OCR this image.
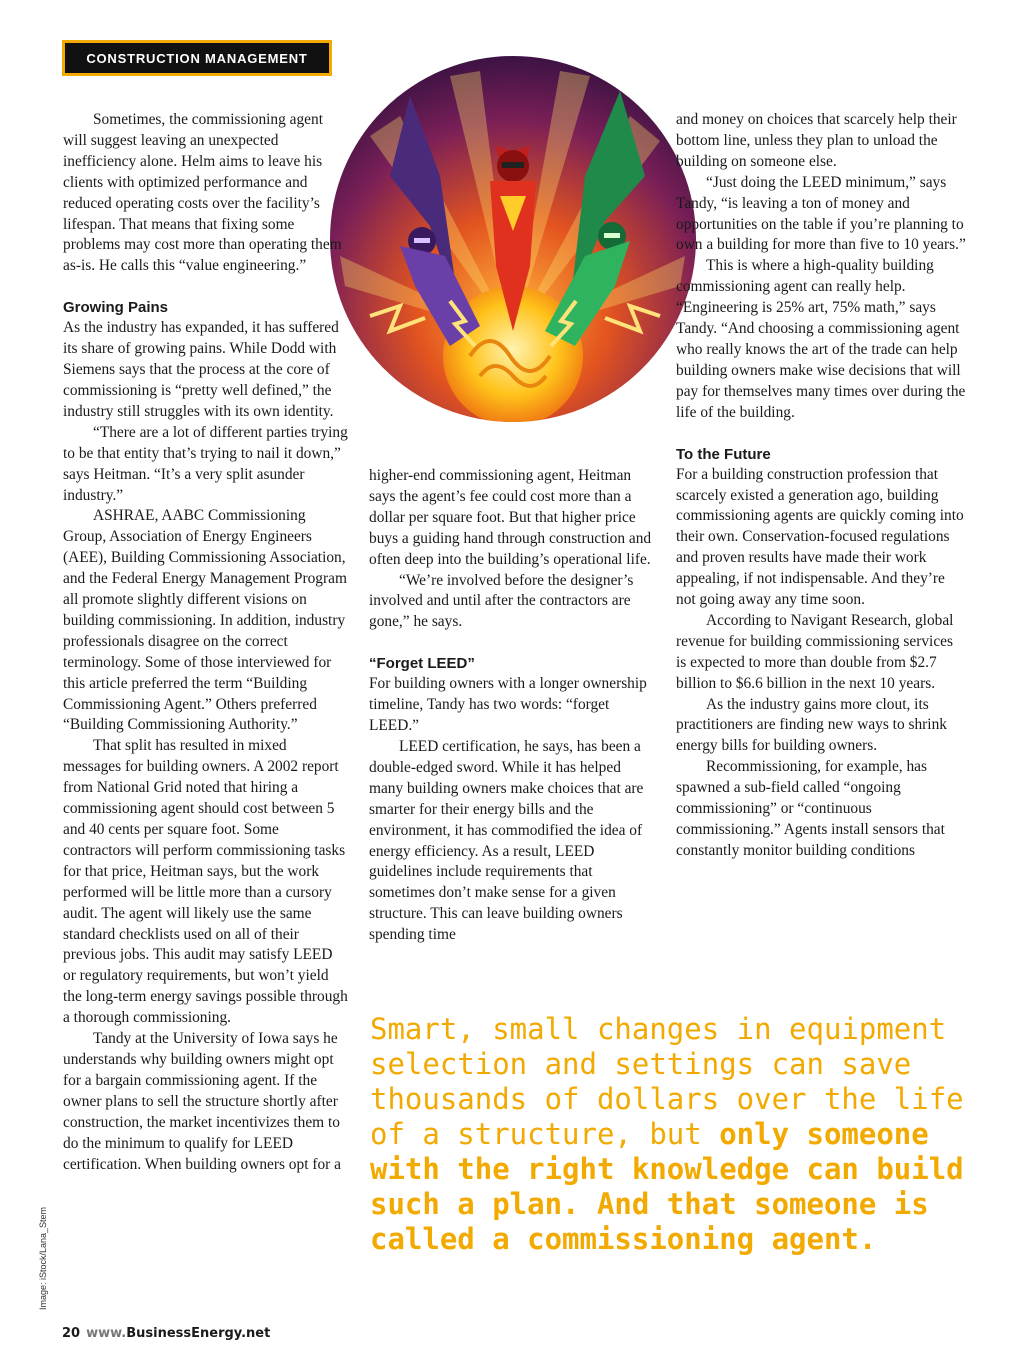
CONSTRUCTION MANAGEMENT

Sometimes, the commissioning agent will suggest leaving an unexpected inefficiency alone. Helm aims to leave his clients with optimized performance and reduced operating costs over the facility’s lifespan. That means that fixing some problems may cost more than operating them as-is. He calls this “value engineering.”

Growing Pains

As the industry has expanded, it has suffered its share of growing pains. While Dodd with Siemens says that the process at the core of commissioning is “pretty well defined,” the industry still struggles with its own identity.

“There are a lot of different parties trying to be that entity that’s trying to nail it down,” says Heitman. “It’s a very split asunder industry.”

ASHRAE, AABC Commissioning Group, Association of Energy Engineers (AEE), Building Commissioning Association, and the Federal Energy Management Program all promote slightly different visions on building commissioning. In addition, industry professionals disagree on the correct terminology. Some of those interviewed for this article preferred the term “Building Commissioning Agent.” Others preferred “Building Commissioning Authority.”

That split has resulted in mixed messages for building owners. A 2002 report from National Grid noted that hiring a commissioning agent should cost between 5 and 40 cents per square foot. Some contractors will perform commissioning tasks for that price, Heitman says, but the work performed will be little more than a cursory audit. The agent will likely use the same standard checklists used on all of their previous jobs. This audit may satisfy LEED or regulatory requirements, but won’t yield the long-term energy savings possible through a thorough commissioning.

Tandy at the University of Iowa says he understands why building owners might opt for a bargain commissioning agent. If the owner plans to sell the structure shortly after construction, the market incentivizes them to do the minimum to qualify for LEED certification. When building owners opt for a

higher-end commissioning agent, Heitman says the agent’s fee could cost more than a dollar per square foot. But that higher price buys a guiding hand through construction and often deep into the building’s operational life.

“We’re involved before the designer’s involved and until after the contractors are gone,” he says.

“Forget LEED”

For building owners with a longer ownership timeline, Tandy has two words: “forget LEED.”

LEED certification, he says, has been a double-edged sword. While it has helped many building owners make choices that are smarter for their energy bills and the environment, it has commodified the idea of energy efficiency. As a result, LEED guidelines include requirements that sometimes don’t make sense for a given structure. This can leave building owners spending time

and money on choices that scarcely help their bottom line, unless they plan to unload the building on someone else.

“Just doing the LEED minimum,” says Tandy, “is leaving a ton of money and opportunities on the table if you’re planning to own a building for more than five to 10 years.”

This is where a high-quality building commissioning agent can really help. “Engineering is 25% art, 75% math,” says Tandy. “And choosing a commissioning agent who really knows the art of the trade can help building owners make wise decisions that will pay for themselves many times over during the life of the building.

To the Future

For a building construction profession that scarcely existed a generation ago, building commissioning agents are quickly coming into their own. Conservation-focused regulations and proven results have made their work appealing, if not indispensable. And they’re not going away any time soon.

According to Navigant Research, global revenue for building commissioning services is expected to more than double from $2.7 billion to $6.6 billion in the next 10 years.

As the industry gains more clout, its practitioners are finding new ways to shrink energy bills for building owners.

Recommissioning, for example, has spawned a sub-field called “ongoing commissioning” or “continuous commissioning.” Agents install sensors that constantly monitor building conditions

Smart, small changes in equipment selection and settings can save thousands of dollars over the life of a structure, but only someone with the right knowledge can build such a plan. And that someone is called a commissioning agent.

Image: iStock/Lana_Stem
20 www.BusinessEnergy.net
